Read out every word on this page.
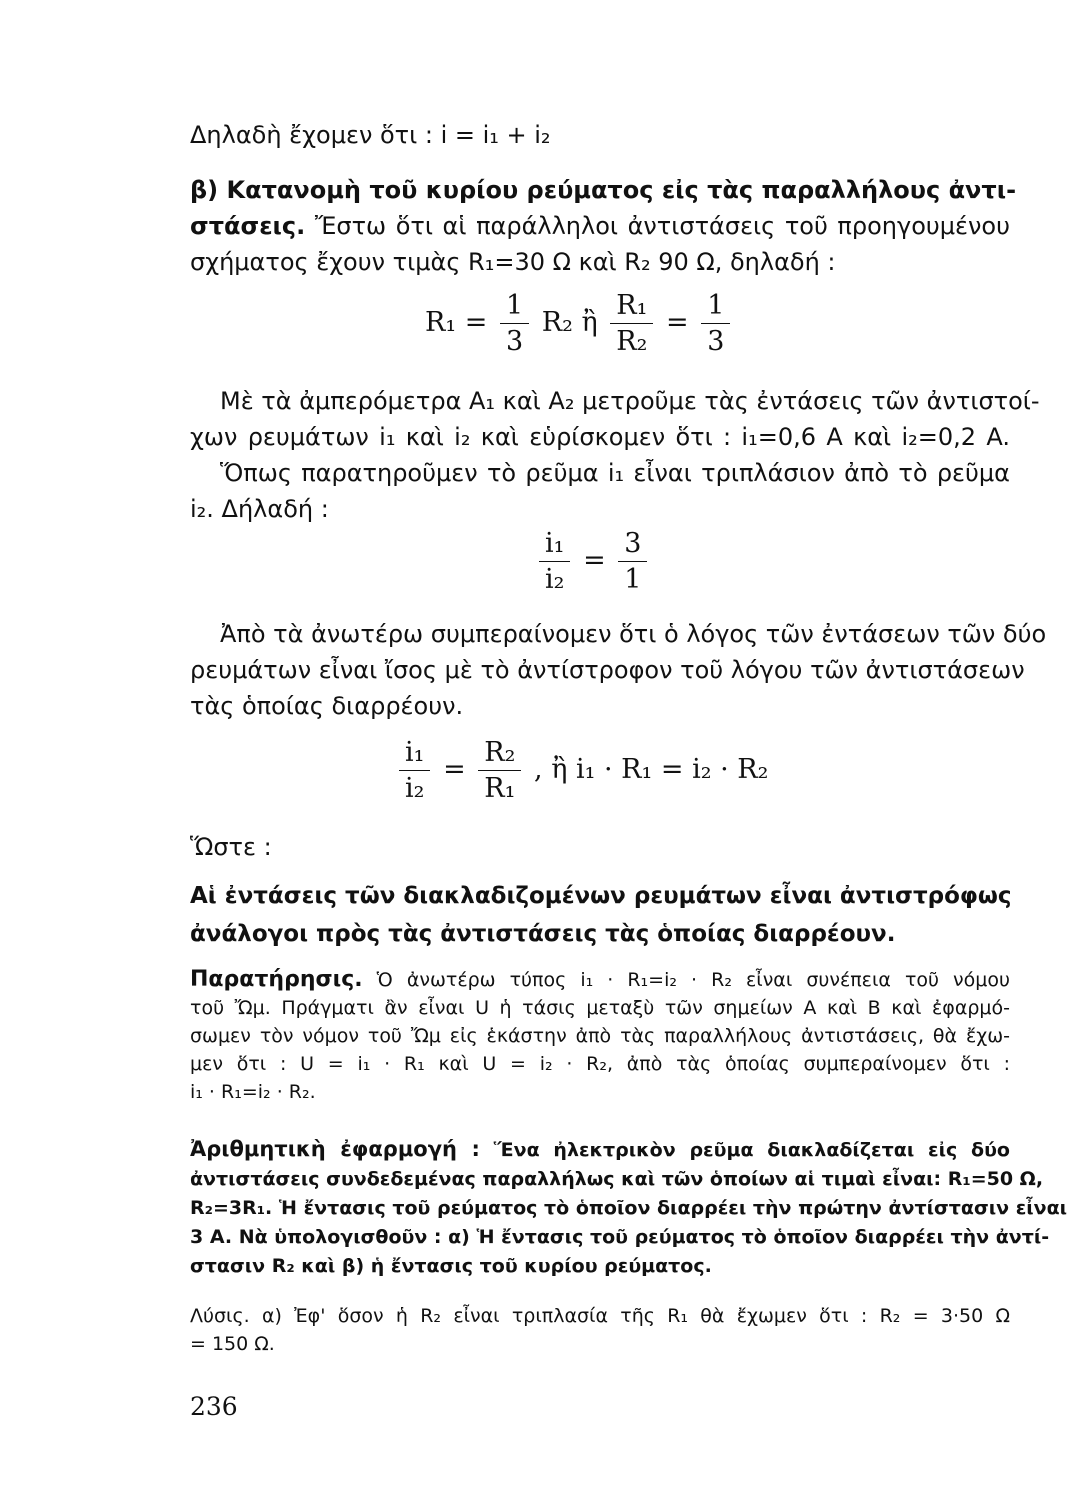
Δηλαδὴ ἔχομεν ὅτι : i = i₁ + i₂
β) Κατανομὴ τοῦ κυρίου ρεύματος εἰς τὰς παραλλήλους ἀντι-
στάσεις. Ἔστω ὅτι αἱ παράλληλοι ἀντιστάσεις τοῦ προηγουμένου
σχήματος ἔχουν τιμὰς R₁=30 Ω καὶ R₂ 90 Ω, δηλαδή :
$R_1 = \frac{1}{3} R_2$ ἢ $\frac{\text{R₁}}{\text{R₂}} = \frac{1}{3}$
Μὲ τὰ ἀμπερόμετρα A₁ καὶ A₂ μετροῦμε τὰς ἐντάσεις τῶν ἀντιστοί-
χων ρευμάτων i₁ καὶ i₂ καὶ εὑρίσκομεν ὅτι : i₁=0,6 A καὶ i₂=0,2 A.
Ὅπως παρατηροῦμεν τὸ ρεῦμα i₁ εἶναι τριπλάσιον ἀπὸ τὸ ρεῦμα
i₂. Δήλαδή :
$\frac{\text{i₁}}{\text{i₂}} = \frac{3}{1}$
Ἀπὸ τὰ ἀνωτέρω συμπεραίνομεν ὅτι ὁ λόγος τῶν ἐντάσεων τῶν δύο
ρευμάτων εἶναι ἴσος μὲ τὸ ἀντίστροφον τοῦ λόγου τῶν ἀντιστάσεων
τὰς ὁποίας διαρρέουν.
$\frac{\text{i₁}}{\text{i₂}} = \frac{\text{R₂}}{\text{R₁}}$ , ἢ i₁ · R₁ = i₂ · R₂
Ὥστε :
Αἱ ἐντάσεις τῶν διακλαδιζομένων ρευμάτων εἶναι ἀντιστρόφως
ἀνάλογοι πρὸς τὰς ἀντιστάσεις τὰς ὁποίας διαρρέουν.
Παρατήρησις. Ὁ ἀνωτέρω τύπος i₁ · R₁=i₂ · R₂ εἶναι συνέπεια τοῦ νόμου
τοῦ Ὤμ. Πράγματι ἂν εἶναι U ἡ τάσις μεταξὺ τῶν σημείων A καὶ B καὶ ἐφαρμό-
σωμεν τὸν νόμον τοῦ Ὤμ εἰς ἑκάστην ἀπὸ τὰς παραλλήλους ἀντιστάσεις, θὰ ἔχω-
μεν ὅτι : U = i₁ · R₁ καὶ U = i₂ · R₂, ἀπὸ τὰς ὁποίας συμπεραίνομεν ὅτι :
i₁ · R₁=i₂ · R₂.
Ἀριθμητικὴ ἐφαρμογή : Ἕνα ἠλεκτρικὸν ρεῦμα διακλαδίζεται εἰς δύο
ἀντιστάσεις συνδεδεμένας παραλλήλως καὶ τῶν ὁποίων αἱ τιμαὶ εἶναι: R₁=50 Ω,
R₂=3R₁. Ἡ ἔντασις τοῦ ρεύματος τὸ ὁποῖον διαρρέει τὴν πρώτην ἀντίστασιν εἶναι
3 A. Νὰ ὑπολογισθοῦν : α) Ἡ ἔντασις τοῦ ρεύματος τὸ ὁποῖον διαρρέει τὴν ἀντί-
στασιν R₂ καὶ β) ἡ ἔντασις τοῦ κυρίου ρεύματος.
Λύσις. α) Ἐφ' ὅσον ἡ R₂ εἶναι τριπλασία τῆς R₁ θὰ ἔχωμεν ὅτι : R₂ = 3·50 Ω
= 150 Ω.
236
